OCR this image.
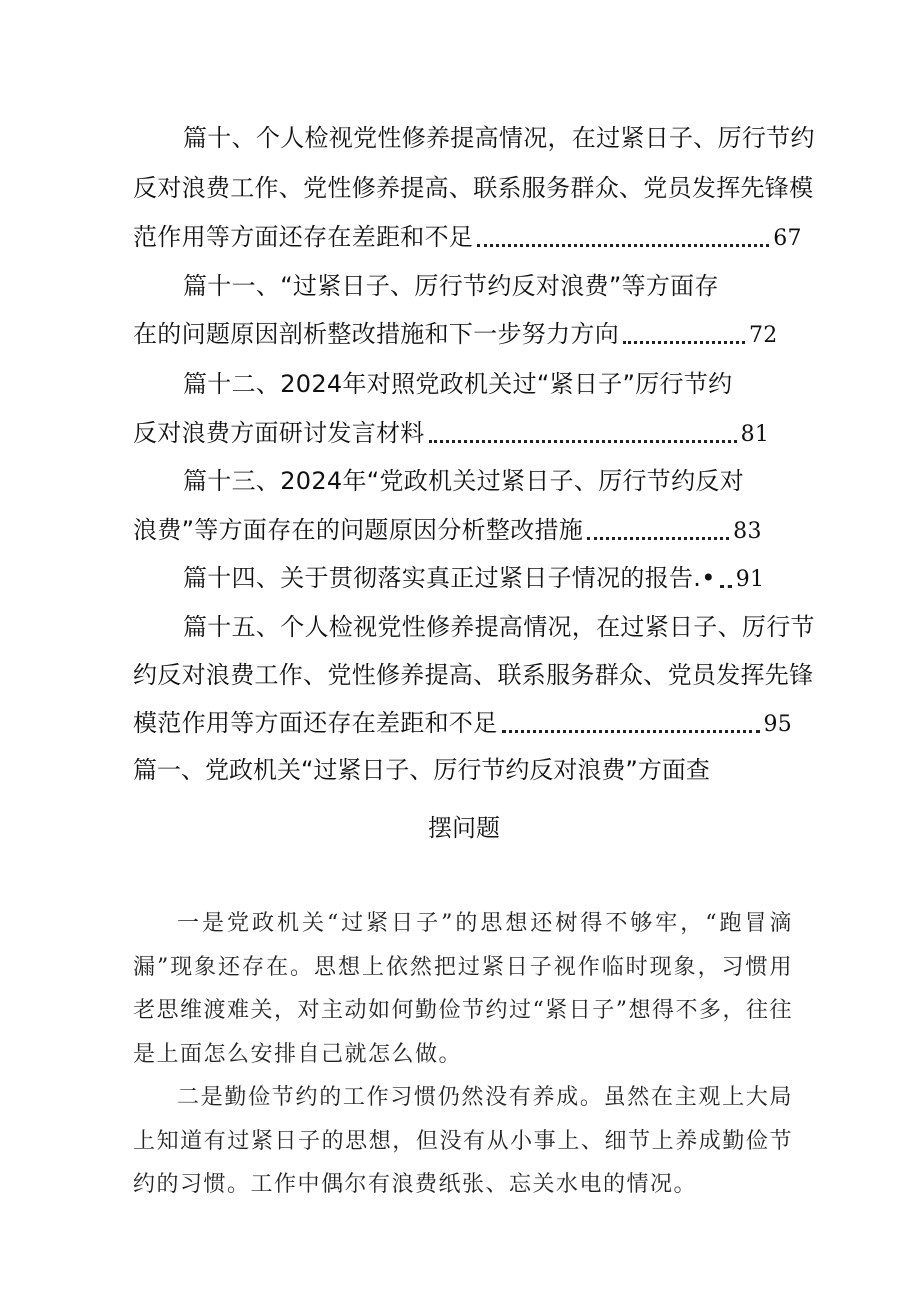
篇十、个人检视党性修养提高情况，在过紧日子、厉行节约
反对浪费工作、党性修养提高、联系服务群众、党员发挥先锋模
范作用等方面还存在差距和不足	67
篇十一、“过紧日子、厉行节约反对浪费”等方面存
在的问题原因剖析整改措施和下一步努力方向	72
篇十二、2024年对照党政机关过“紧日子”厉行节约
反对浪费方面研讨发言材料	81
篇十三、2024年“党政机关过紧日子、厉行节约反对
浪费”等方面存在的问题原因分析整改措施	83
篇十四、关于贯彻落实真正过紧日子情况的报告.• 91
篇十五、个人检视党性修养提高情况，在过紧日子、厉行节
约反对浪费工作、党性修养提高、联系服务群众、党员发挥先锋
模范作用等方面还存在差距和不足	95
篇一、党政机关“过紧日子、厉行节约反对浪费”方面查
摆问题

一是党政机关“过紧日子”的思想还树得不够牢，“跑冒滴漏”现象还存在。思想上依然把过紧日子视作临时现象，习惯用老思维渡难关，对主动如何勤俭节约过“紧日子”想得不多，往往是上面怎么安排自己就怎么做。

二是勤俭节约的工作习惯仍然没有养成。虽然在主观上大局上知道有过紧日子的思想，但没有从小事上、细节上养成勤俭节约的习惯。工作中偶尔有浪费纸张、忘关水电的情况。
